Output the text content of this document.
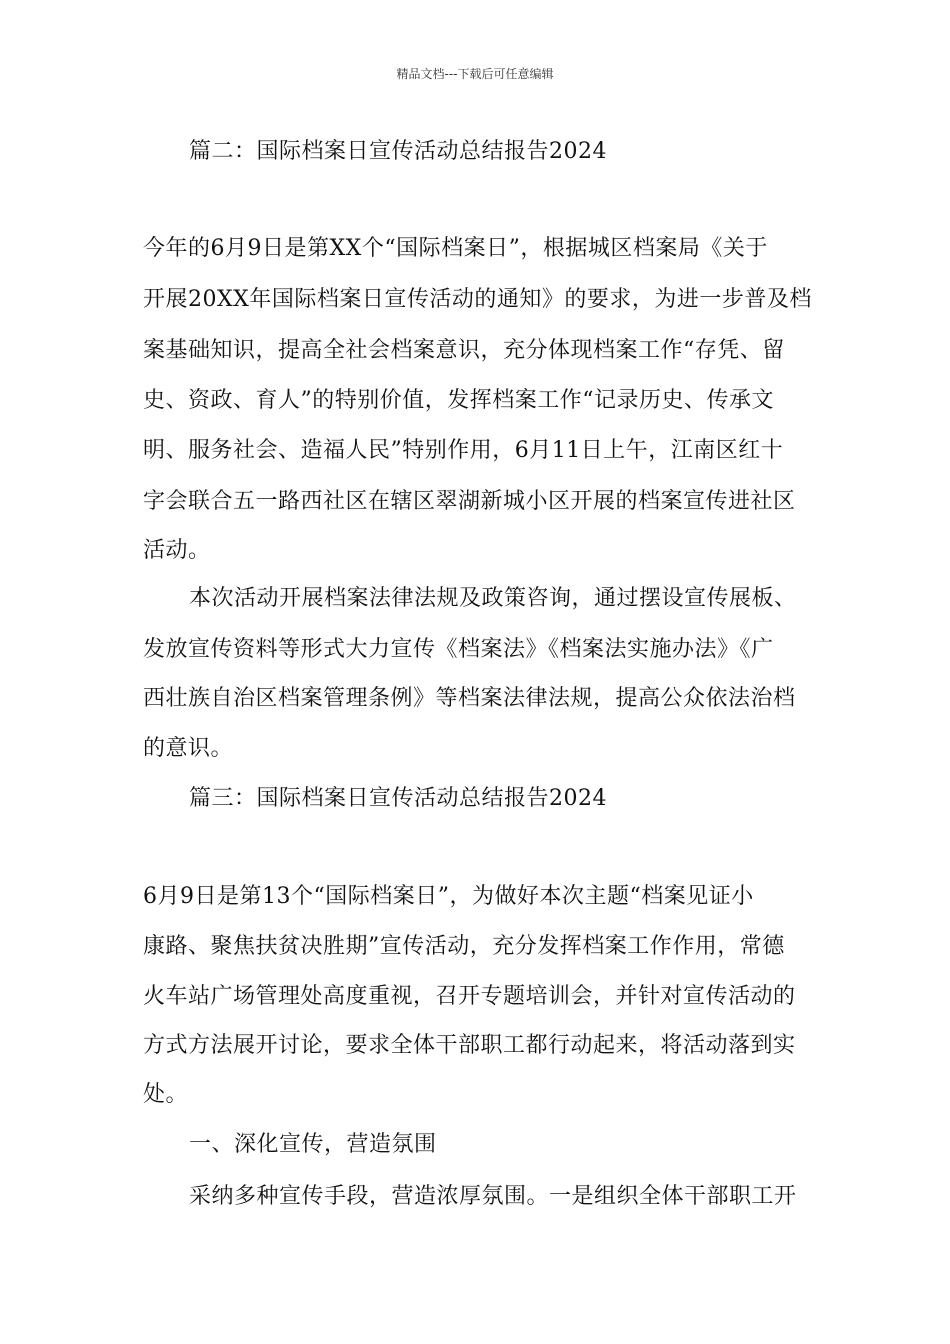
精品文档---下载后可任意编辑
篇二：国际档案日宣传活动总结报告2024
今年的6月9日是第XX个“国际档案日”，根据城区档案局《关于
开展20XX年国际档案日宣传活动的通知》的要求，为进一步普及档
案基础知识，提高全社会档案意识，充分体现档案工作“存凭、留
史、资政、育人”的特别价值，发挥档案工作“记录历史、传承文
明、服务社会、造福人民”特别作用，6月11日上午，江南区红十
字会联合五一路西社区在辖区翠湖新城小区开展的档案宣传进社区
活动。
本次活动开展档案法律法规及政策咨询，通过摆设宣传展板、
发放宣传资料等形式大力宣传《档案法》《档案法实施办法》《广
西壮族自治区档案管理条例》等档案法律法规，提高公众依法治档
的意识。
篇三：国际档案日宣传活动总结报告2024
6月9日是第13个“国际档案日”，为做好本次主题“档案见证小
康路、聚焦扶贫决胜期”宣传活动，充分发挥档案工作作用，常德
火车站广场管理处高度重视，召开专题培训会，并针对宣传活动的
方式方法展开讨论，要求全体干部职工都行动起来，将活动落到实
处。
一、深化宣传，营造氛围
采纳多种宣传手段，营造浓厚氛围。一是组织全体干部职工开
